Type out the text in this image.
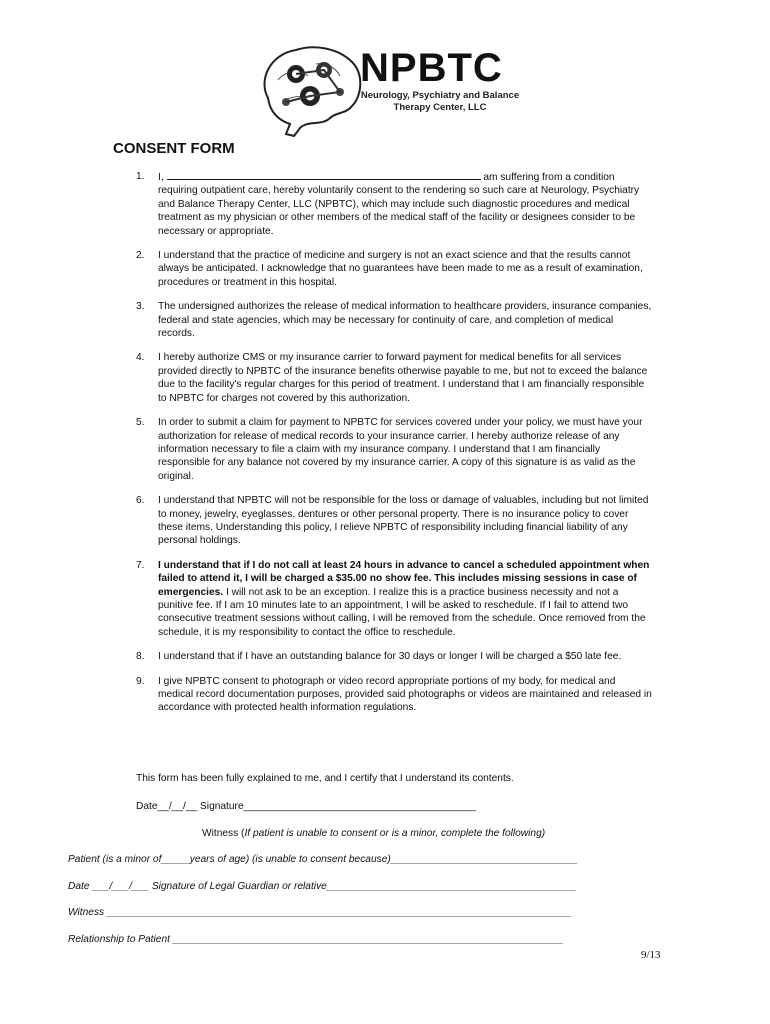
NPBTC
Neurology, Psychiatry and Balance
Therapy Center, LLC
CONSENT FORM
1. I,	am suffering from a condition requiring outpatient care, hereby voluntarily consent to the rendering so such care at Neurology, Psychiatry and Balance Therapy Center, LLC (NPBTC), which may include such diagnostic procedures and medical treatment as my physician or other members of the medical staff of the facility or designees consider to be necessary or appropriate.
2. I understand that the practice of medicine and surgery is not an exact science and that the results cannot always be anticipated. I acknowledge that no guarantees have been made to me as a result of examination, procedures or treatment in this hospital.
3. The undersigned authorizes the release of medical information to healthcare providers, insurance companies, federal and state agencies, which may be necessary for continuity of care, and completion of medical records.
4. I hereby authorize CMS or my insurance carrier to forward payment for medical benefits for all services provided directly to NPBTC of the insurance benefits otherwise payable to me, but not to exceed the balance due to the facility's regular charges for this period of treatment. I understand that I am financially responsible to NPBTC for charges not covered by this authorization.
5. In order to submit a claim for payment to NPBTC for services covered under your policy, we must have your authorization for release of medical records to your insurance carrier. I hereby authorize release of any information necessary to file a claim with my insurance company. I understand that I am financially responsible for any balance not covered by my insurance carrier. A copy of this signature is as valid as the original.
6. I understand that NPBTC will not be responsible for the loss or damage of valuables, including but not limited to money, jewelry, eyeglasses, dentures or other personal property. There is no insurance policy to cover these items. Understanding this policy, I relieve NPBTC of responsibility including financial liability of any personal holdings.
7. I understand that if I do not call at least 24 hours in advance to cancel a scheduled appointment when failed to attend it, I will be charged a $35.00 no show fee. This includes missing sessions in case of emergencies. I will not ask to be an exception. I realize this is a practice business necessity and not a punitive fee. If I am 10 minutes late to an appointment, I will be asked to reschedule. If I fail to attend two consecutive treatment sessions without calling, I will be removed from the schedule. Once removed from the schedule, it is my responsibility to contact the office to reschedule.
8. I understand that if I have an outstanding balance for 30 days or longer I will be charged a $50 late fee.
9. I give NPBTC consent to photograph or video record appropriate portions of my body, for medical and medical record documentation purposes, provided said photographs or videos are maintained and released in accordance with protected health information regulations.
This form has been fully explained to me, and I certify that I understand its contents.
Date__/__/__ Signature_________________________________________
Witness (If patient is unable to consent or is a minor, complete the following)
Patient (is a minor of_____years of age) (is unable to consent because)_________________________________
Date ___/___/___ Signature of Legal Guardian or relative____________________________________________
Witness __________________________________________________________________________________
Relationship to Patient _____________________________________________________________________
9/13
